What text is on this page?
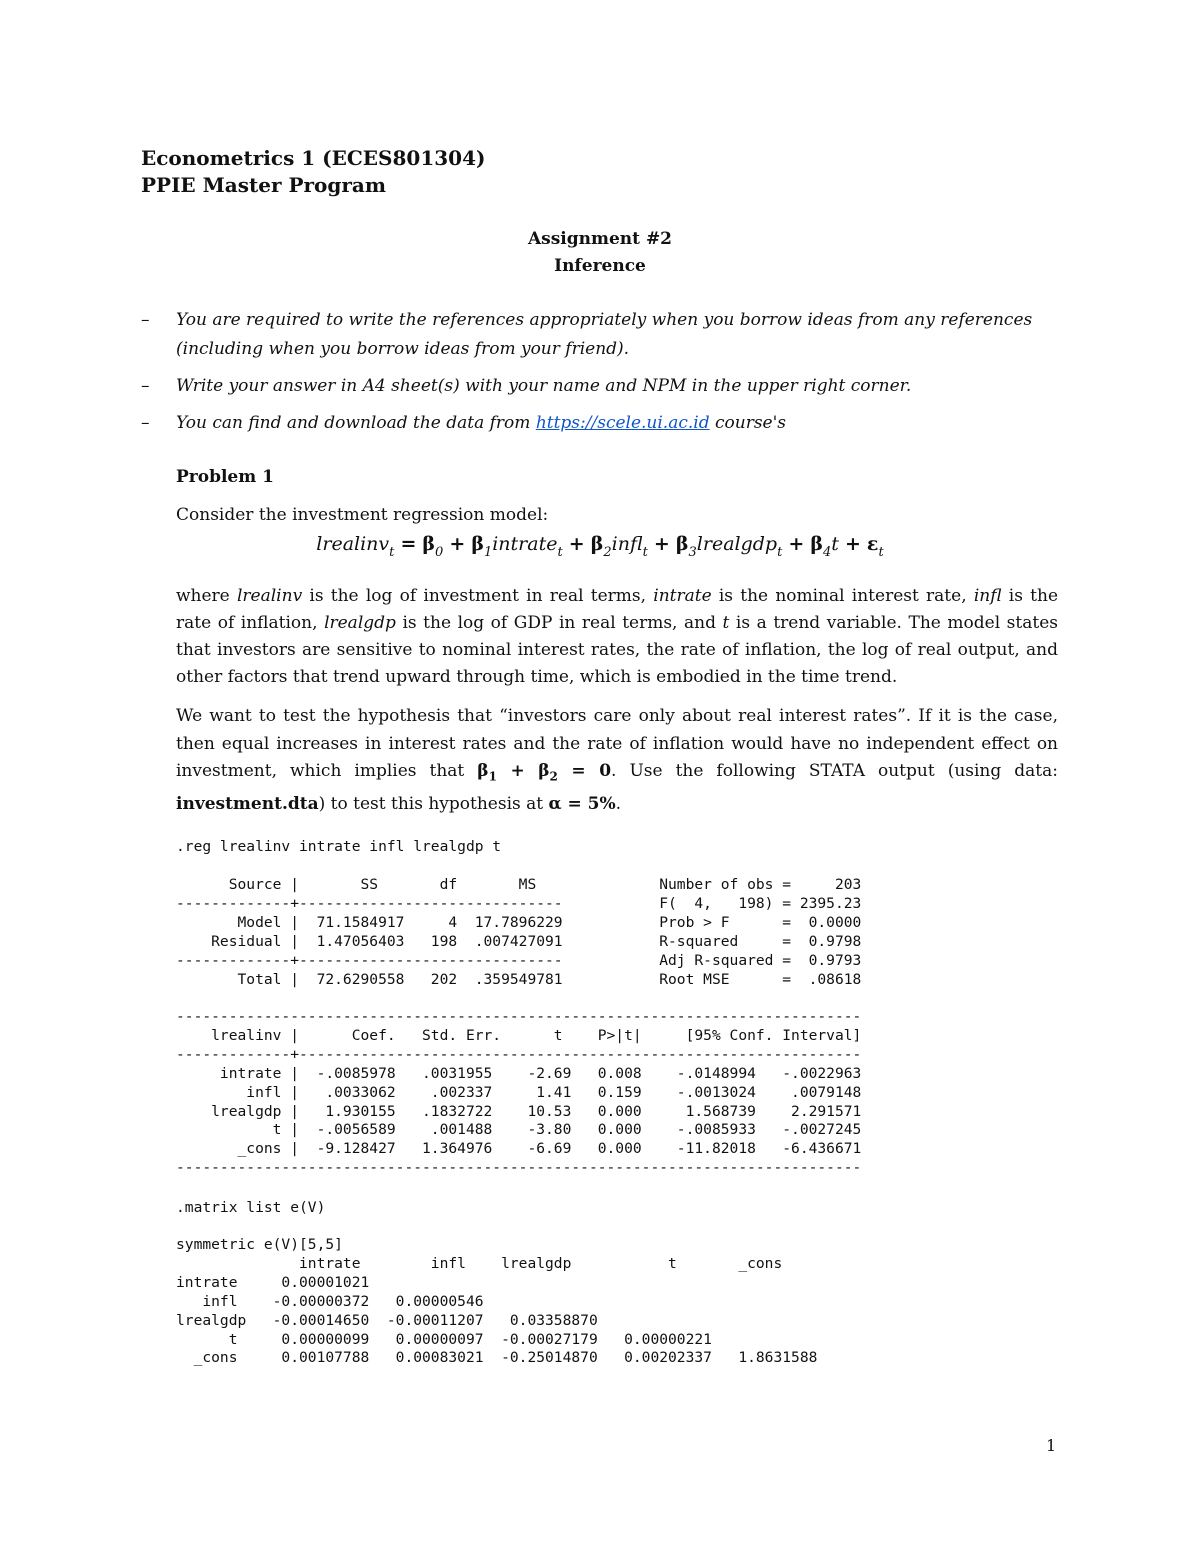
Econometrics 1 (ECES801304)
PPIE Master Program
Assignment #2
Inference
– You are required to write the references appropriately when you borrow ideas from any references
(including when you borrow ideas from your friend).
– Write your answer in A4 sheet(s) with your name and NPM in the upper right corner.
– You can find and download the data from https://scele.ui.ac.id course's
Problem 1
Consider the investment regression model:
lrealinv$_t$ = $\beta_0$ + $\beta_1intrate_t$ + $\beta_2infl_t$ + $\beta_3lrealgdp_t + \beta_4t + \varepsilon_t$
where lrealinv is the log of investment in real terms, intrate is the nominal interest rate, infl is the rate of inflation, lrealgdp is the log of GDP in real terms, and t is a trend variable. The model states that investors are sensitive to nominal interest rates, the rate of inflation, the log of real output, and other factors that trend upward through time, which is embodied in the time trend.
We want to test the hypothesis that “investors care only about real interest rates”. If it is the case, then equal increases in interest rates and the rate of inflation would have no independent effect on investment, which implies that $\beta_1 + \beta_2 = 0$. Use the following STATA output (using data: investment.dta) to test this hypothesis at α = 5%.
.reg lrealinv intrate infl lrealgdp t
Source |       SS       df       MS              Number of obs =     203
-------------+------------------------------           F(  4,   198) = 2395.23
Model |  71.1584917     4  17.7896229           Prob > F      =  0.0000
Residual |  1.47056403   198  .007427091           R-squared     =  0.9798
-------------+------------------------------           Adj R-squared =  0.9793
Total |  72.6290558   202  .359549781           Root MSE      =  .08618
------------------------------------------------------------------------------
lrealinv |      Coef.   Std. Err.      t    P>|t|     [95% Conf. Interval]
-------------+----------------------------------------------------------------
intrate |  -.0085978   .0031955    -2.69   0.008    -.0148994   -.0022963
infl |   .0033062    .002337     1.41   0.159    -.0013024    .0079148
lrealgdp |   1.930155   .1832722    10.53   0.000     1.568739    2.291571
t |  -.0056589    .001488    -3.80   0.000    -.0085933   -.0027245
_cons |  -9.128427   1.364976    -6.69   0.000    -11.82018   -6.436671
------------------------------------------------------------------------------
.matrix list e(V)
symmetric e(V)[5,5]
intrate        infl    lrealgdp           t       _cons
intrate     0.00001021
infl    -0.00000372   0.00000546
lrealgdp   -0.00014650  -0.00011207   0.03358870
t     0.00000099   0.00000097  -0.00027179   0.00000221
_cons     0.00107788   0.00083021  -0.25014870   0.00202337   1.8631588
1
